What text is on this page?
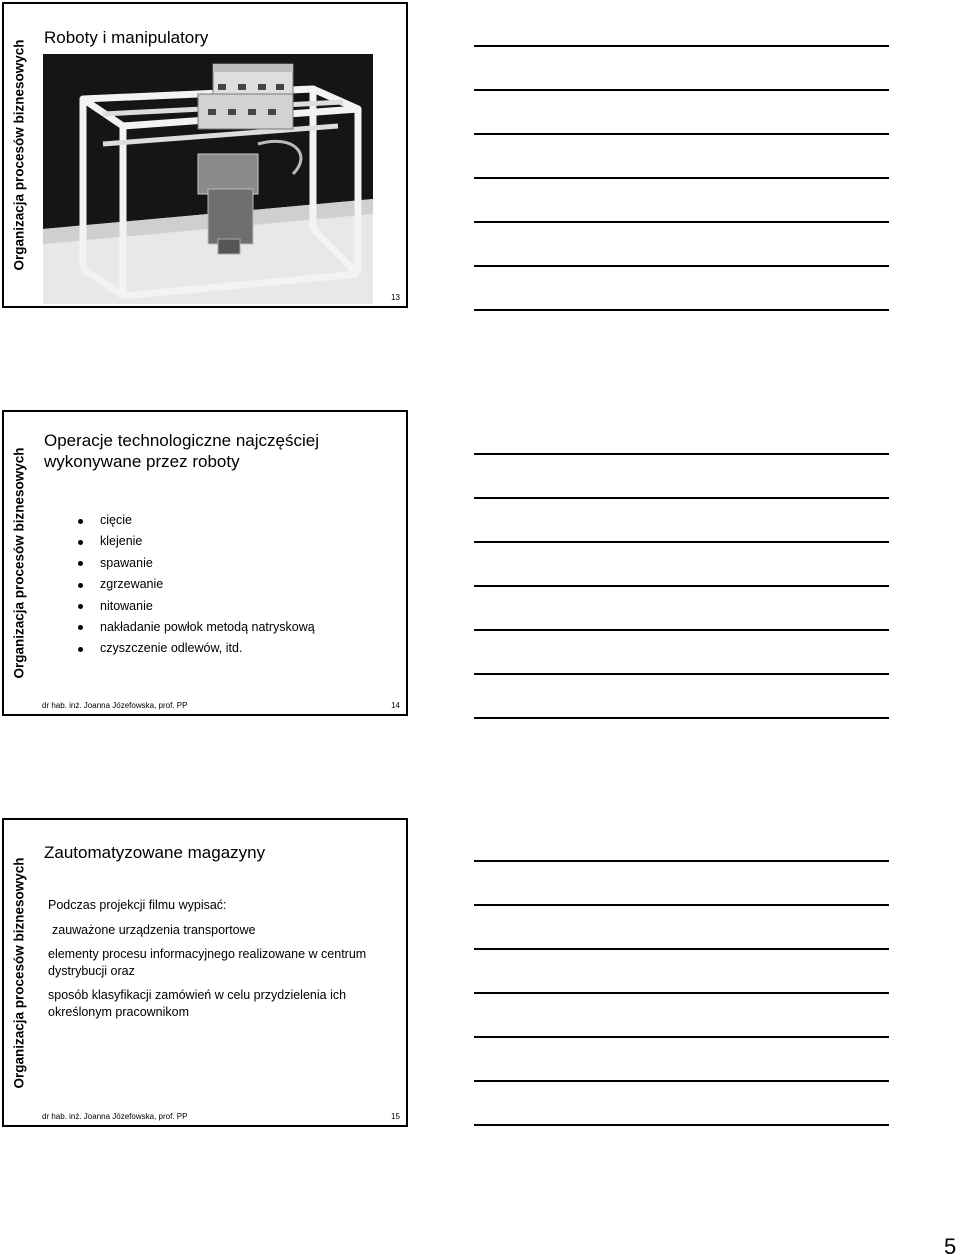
Organizacja procesów biznesowych
Roboty i manipulatory
13
Organizacja procesów biznesowych
Operacje technologiczne najczęściej
wykonywane przez roboty
cięcie
klejenie
spawanie
zgrzewanie
nitowanie
nakładanie powłok metodą natryskową
czyszczenie odlewów, itd.
dr hab. inż. Joanna Józefowska, prof. PP	14
Organizacja procesów biznesowych
Zautomatyzowane magazyny

Podczas projekcji filmu wypisać:

zauważone urządzenia transportowe

elementy procesu informacyjnego realizowane w centrum dystrybucji oraz

sposób klasyfikacji zamówień w celu przydzielenia ich określonym pracownikom

dr hab. inż. Joanna Józefowska, prof. PP	15
5
